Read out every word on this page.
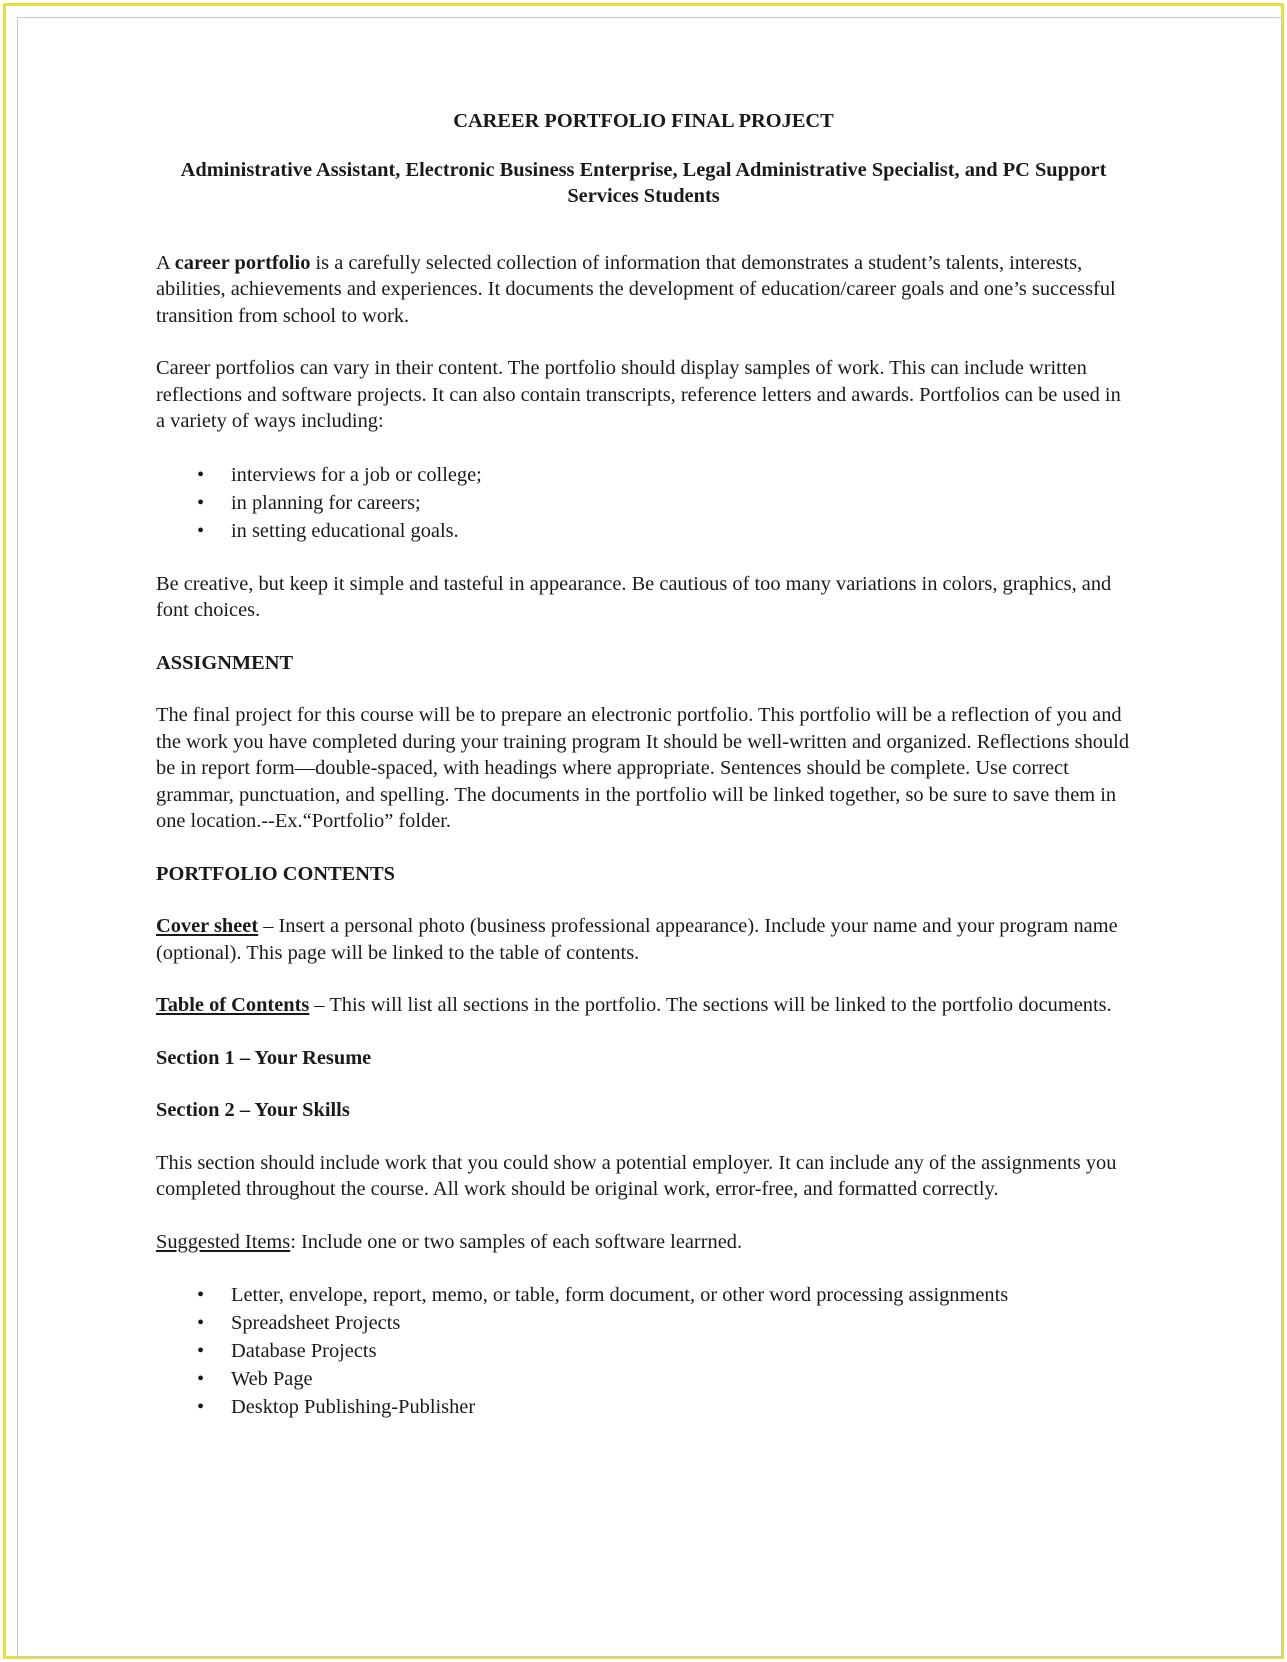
CAREER PORTFOLIO FINAL PROJECT
Administrative Assistant, Electronic Business Enterprise, Legal Administrative Specialist, and PC Support Services Students

A career portfolio is a carefully selected collection of information that demonstrates a student’s talents, interests, abilities, achievements and experiences. It documents the development of education/career goals and one’s successful transition from school to work.

Career portfolios can vary in their content. The portfolio should display samples of work. This can include written reflections and software projects. It can also contain transcripts, reference letters and awards. Portfolios can be used in a variety of ways including:

• interviews for a job or college;
• in planning for careers;
• in setting educational goals.

Be creative, but keep it simple and tasteful in appearance. Be cautious of too many variations in colors, graphics, and font choices.

ASSIGNMENT

The final project for this course will be to prepare an electronic portfolio. This portfolio will be a reflection of you and the work you have completed during your training program It should be well-written and organized. Reflections should be in report form—double-spaced, with headings where appropriate. Sentences should be complete. Use correct grammar, punctuation, and spelling. The documents in the portfolio will be linked together, so be sure to save them in one location.--Ex.“Portfolio” folder.

PORTFOLIO CONTENTS

Cover sheet – Insert a personal photo (business professional appearance). Include your name and your program name (optional). This page will be linked to the table of contents.

Table of Contents – This will list all sections in the portfolio. The sections will be linked to the portfolio documents.

Section 1 – Your Resume
Section 2 – Your Skills

This section should include work that you could show a potential employer. It can include any of the assignments you completed throughout the course. All work should be original work, error-free, and formatted correctly.

Suggested Items: Include one or two samples of each software learrned.

• Letter, envelope, report, memo, or table, form document, or other word processing assignments
• Spreadsheet Projects
• Database Projects
• Web Page
• Desktop Publishing-Publisher
